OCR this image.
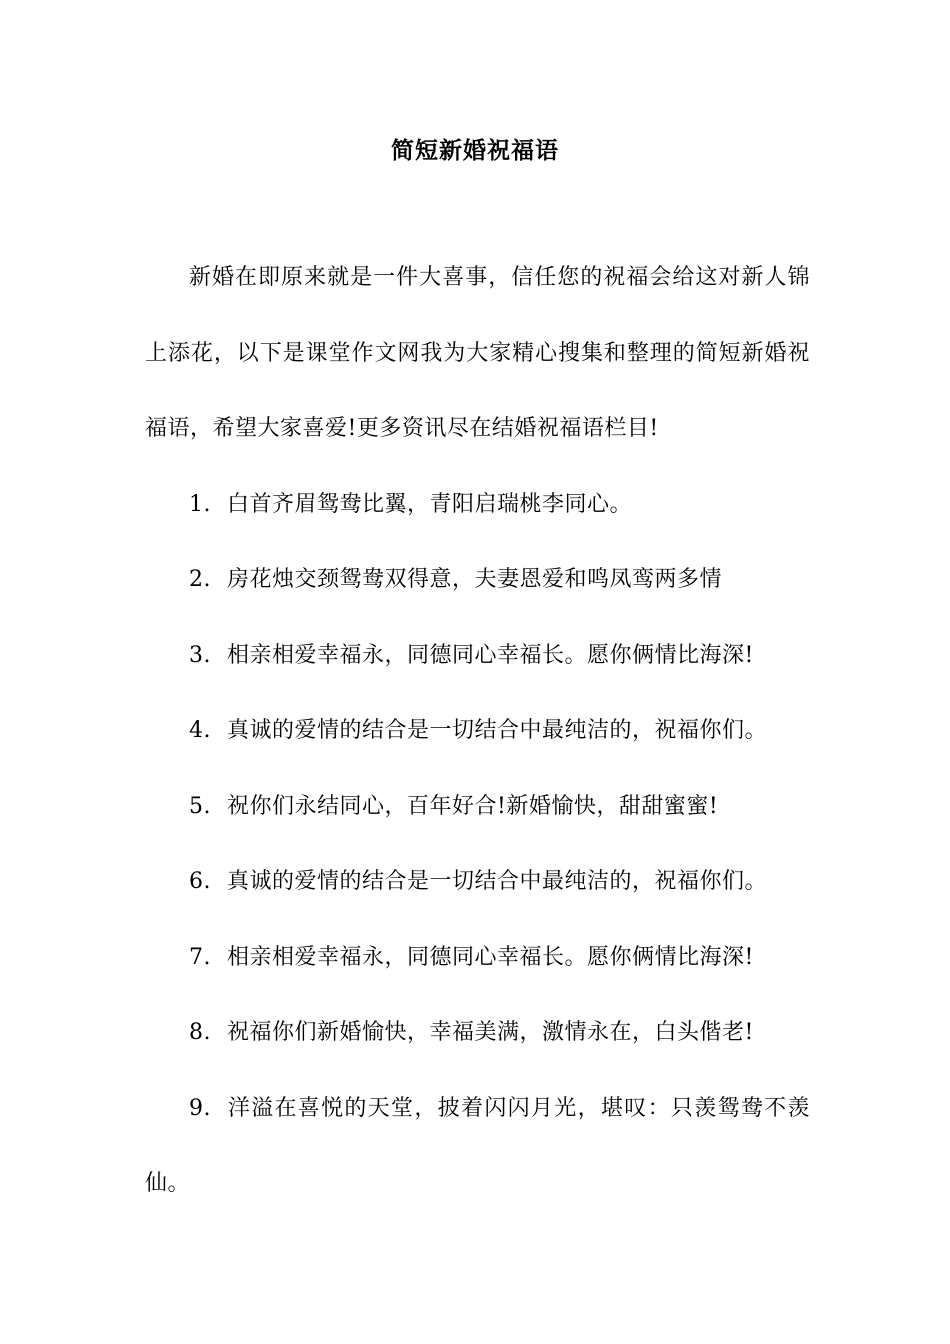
简短新婚祝福语

新婚在即原来就是一件大喜事，信任您的祝福会给这对新人锦上添花，以下是课堂作文网我为大家精心搜集和整理的简短新婚祝福语，希望大家喜爱!更多资讯尽在结婚祝福语栏目!

1. 白首齐眉鸳鸯比翼，青阳启瑞桃李同心。

2. 房花烛交颈鸳鸯双得意，夫妻恩爱和鸣凤鸾两多情

3. 相亲相爱幸福永，同德同心幸福长。愿你俩情比海深!

4. 真诚的爱情的结合是一切结合中最纯洁的，祝福你们。

5. 祝你们永结同心，百年好合!新婚愉快，甜甜蜜蜜!

6. 真诚的爱情的结合是一切结合中最纯洁的，祝福你们。

7. 相亲相爱幸福永，同德同心幸福长。愿你俩情比海深!

8. 祝福你们新婚愉快，幸福美满，激情永在，白头偕老!

9. 洋溢在喜悦的天堂，披着闪闪月光，堪叹：只羡鸳鸯不羡仙。
